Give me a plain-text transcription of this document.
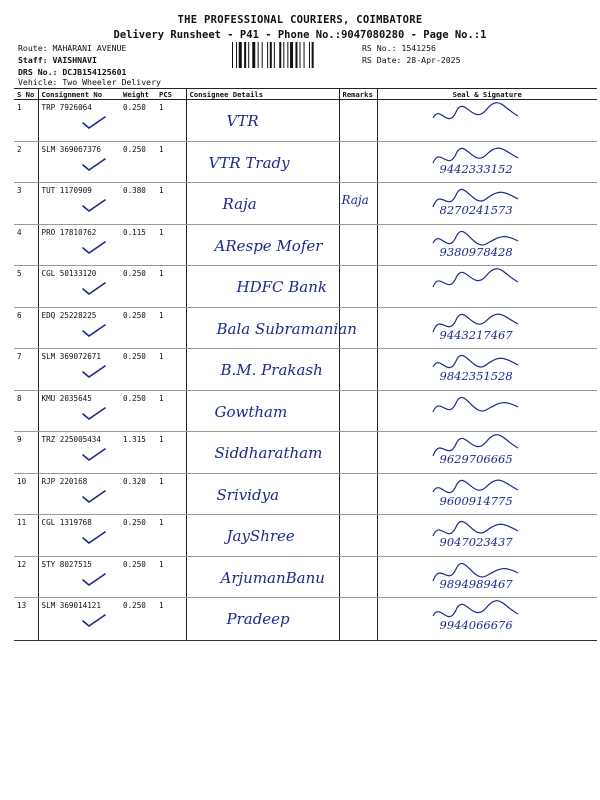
THE PROFESSIONAL COURIERS, COIMBATORE
Delivery Runsheet - P41 - Phone No.:9047080280 - Page No.:1
Route: MAHARANI AVENUE
Staff: VAISHNAVI
DRS No.: DCJB154125601
Vehicle: Two Wheeler Delivery
RS No.: 1541256
RS Date: 28-Apr-2025
S No	Consignment No	Weight	PCS	Consignee Details	Remarks	Seal & Signature
1	TRP 7926064	0.250	1	VTR

2	SLM 369067376	0.250	1	VTR Trady		9442333152

3	TUT 1170909	0.380	1	Raja	Raja	8270241573

4	PRO 17810762	0.115	1	ARespe Mofer		9380978428

5	CGL 50133120	0.250	1	HDFC Bank

6	EDQ 25228225	0.250	1	Bala Subramanian		9443217467

7	SLM 369072671	0.250	1	B.M. Prakash		9842351528

8	KMU 2035645	0.250	1	Gowtham

9	TRZ 225005434	1.315	1	Siddharatham		9629706665

10	RJP 220168	0.320	1	Srividya		9600914775

11	CGL 1319768	0.250	1	JayShree		9047023437

12	STY 8027515	0.250	1	ArjumanBanu		9894989467

13	SLM 369014121	0.250	1	Pradeep		9944066676
